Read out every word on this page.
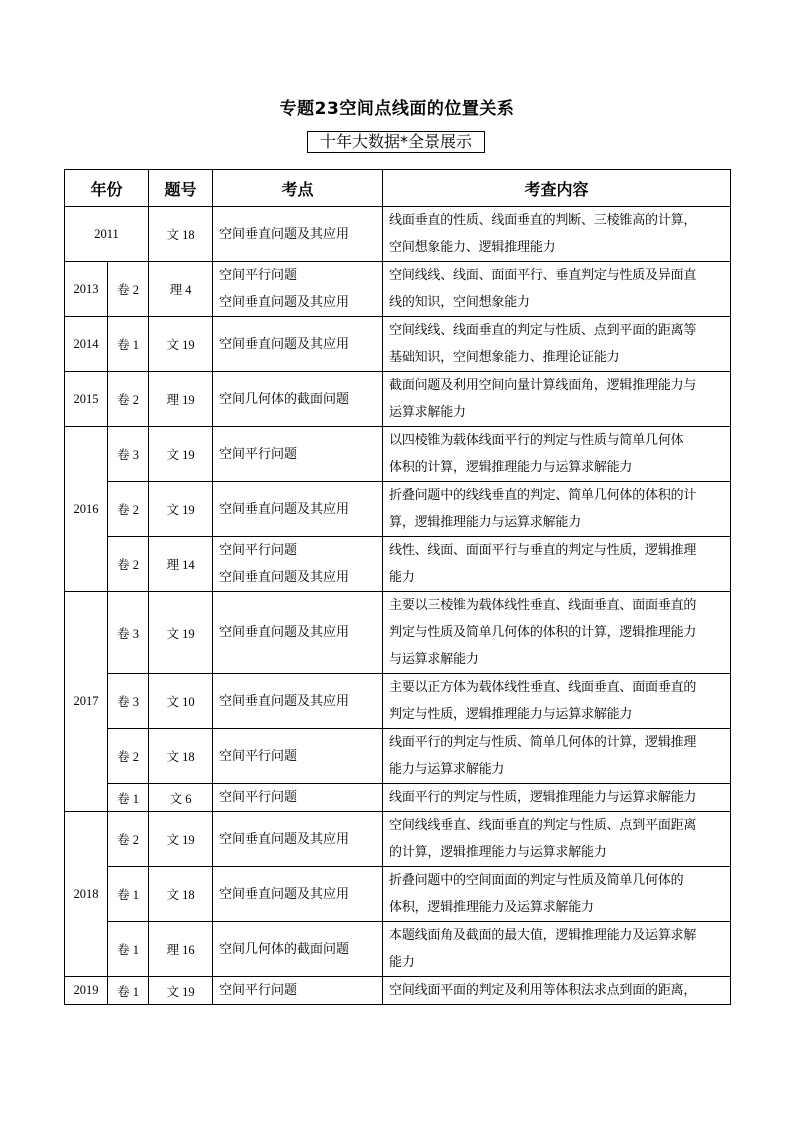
专题23空间点线面的位置关系
十年大数据*全景展示
年份		题号	考点	考查内容
2011		文 18	空间垂直问题及其应用	线面垂直的性质、线面垂直的判断、三棱锥高的计算，
空间想象能力、逻辑推理能力

2013	卷 2	理 4	空间平行问题
空间垂直问题及其应用	空间线线、线面、面面平行、垂直判定与性质及异面直
线的知识，空间想象能力

2014	卷 1	文 19	空间垂直问题及其应用	空间线线、线面垂直的判定与性质、点到平面的距离等
基础知识，空间想象能力、推理论证能力

2015	卷 2	理 19	空间几何体的截面问题	截面问题及利用空间向量计算线面角，逻辑推理能力与
运算求解能力

2016	卷 3	文 19	空间平行问题	以四棱锥为载体线面平行的判定与性质与简单几何体
体积的计算，逻辑推理能力与运算求解能力

	卷 2	文 19	空间垂直问题及其应用	折叠问题中的线线垂直的判定、简单几何体的体积的计
算，逻辑推理能力与运算求解能力

	卷 2	理 14	空间平行问题
空间垂直问题及其应用	线性、线面、面面平行与垂直的判定与性质，逻辑推理
能力

2017	卷 3	文 19	空间垂直问题及其应用	主要以三棱锥为载体线性垂直、线面垂直、面面垂直的
判定与性质及简单几何体的体积的计算，逻辑推理能力
与运算求解能力

	卷 3	文 10	空间垂直问题及其应用	主要以正方体为载体线性垂直、线面垂直、面面垂直的
判定与性质，逻辑推理能力与运算求解能力

	卷 2	文 18	空间平行问题	线面平行的判定与性质、简单几何体的计算，逻辑推理
能力与运算求解能力

	卷 1	文 6	空间平行问题	线面平行的判定与性质，逻辑推理能力与运算求解能力

2018	卷 2	文 19	空间垂直问题及其应用	空间线线垂直、线面垂直的判定与性质、点到平面距离
的计算，逻辑推理能力与运算求解能力

	卷 1	文 18	空间垂直问题及其应用	折叠问题中的空间面面的判定与性质及简单几何体的
体积，逻辑推理能力及运算求解能力

	卷 1	理 16	空间几何体的截面问题	本题线面角及截面的最大值，逻辑推理能力及运算求解
能力

2019	卷 1	文 19	空间平行问题	空间线面平面的判定及利用等体积法求点到面的距离，
